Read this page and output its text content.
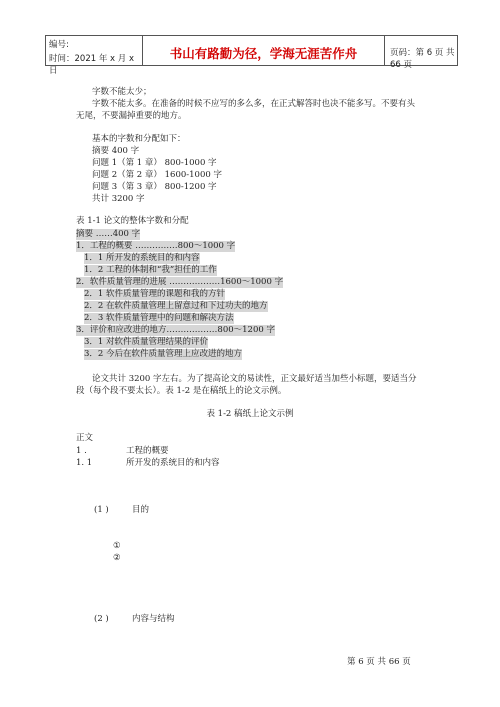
编号:
时间：2021 年 x 月 x 日
书山有路勤为径，学海无涯苦作舟	页码：第 6 页 共 66 页
字数不能太少；
字数不能太多。在准备的时候不应写的多么多，在正式解答时也决不能多写。不要有头
无尾，不要漏掉重要的地方。
基本的字数和分配如下：
摘要 400 字
问题 1（第 1 章） 800-1000 字
问题 2（第 2 章） 1600-1000 字
问题 3（第 3 章） 800-1200 字
共计 3200 字
表 1-1 论文的整体字数和分配
摘要 ……400 字
1．工程的概要 ……………800～1000 字
1．1 所开发的系统目的和内容
1．2 工程的体制和“我”担任的工作
2．软件质量管理的进展 ………………1600～1000 字
2．1 软件质量管理的课题和我的方针
2．2 在软件质量管理上留意过和下过功夫的地方
2．3 软件质量管理中的问题和解决方法
3．评价和应改进的地方………………800～1200 字
3．1 对软件质量管理结果的评价
3．2 今后在软件质量管理上应改进的地方
论文共计 3200 字左右。为了提高论文的易读性，正文最好适当加些小标题，要适当分
段（每个段不要太长）。表 1-2 是在稿纸上的论文示例。
表 1-2 稿纸上论文示例
正文
1 .	工程的概要
1. 1	所开发的系统目的和内容
(1 )	目的
①
②
(2 )	内容与结构
第 6 页 共 66 页
